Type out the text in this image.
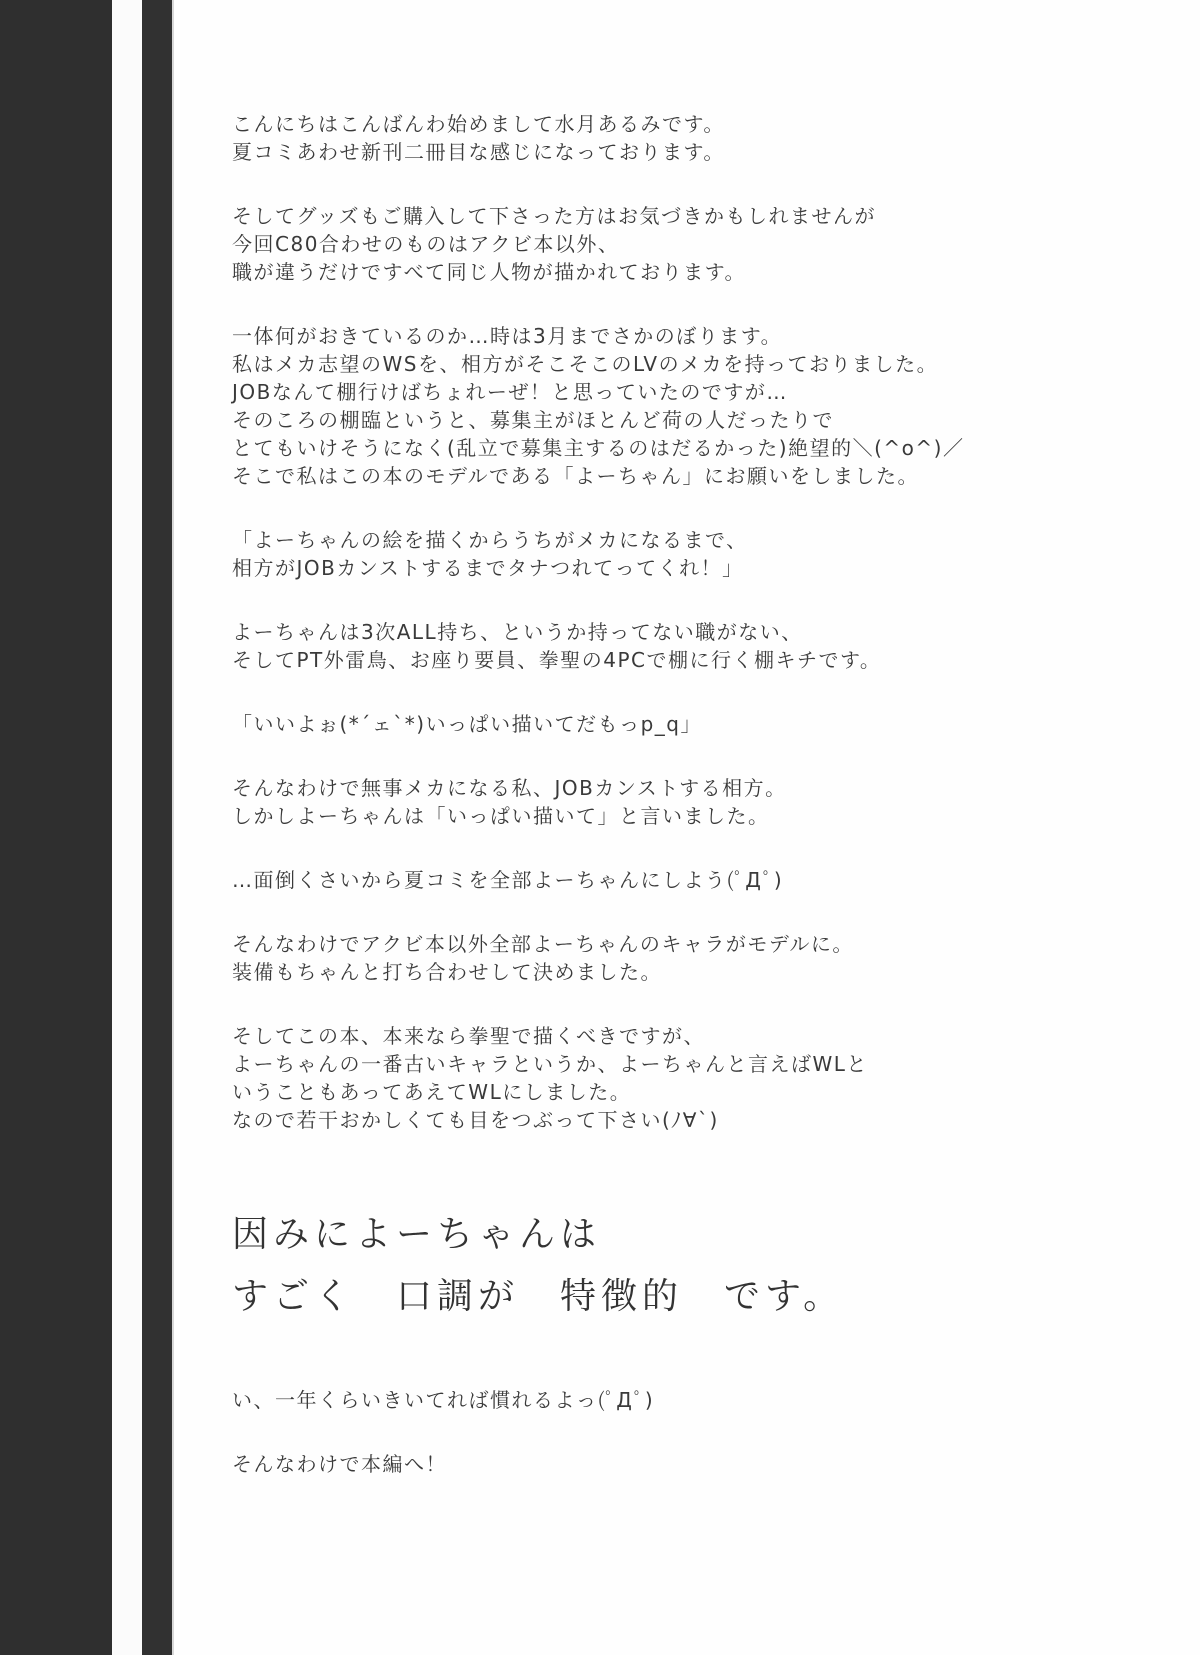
こんにちはこんばんわ始めまして水月あるみです。
夏コミあわせ新刊二冊目な感じになっております。
そしてグッズもご購入して下さった方はお気づきかもしれませんが
今回C80合わせのものはアクビ本以外、
職が違うだけですべて同じ人物が描かれております。
一体何がおきているのか…時は3月までさかのぼります。
私はメカ志望のWSを、相方がそこそこのLVのメカを持っておりました。
JOBなんて棚行けばちょれーぜ！と思っていたのですが…
そのころの棚臨というと、募集主がほとんど荷の人だったりで
とてもいけそうになく(乱立で募集主するのはだるかった)絶望的＼(^o^)／
そこで私はこの本のモデルである「よーちゃん」にお願いをしました。
「よーちゃんの絵を描くからうちがメカになるまで、
相方がJOBカンストするまでタナつれてってくれ！」
よーちゃんは3次ALL持ち、というか持ってない職がない、
そしてPT外雷鳥、お座り要員、拳聖の4PCで棚に行く棚キチです。
「いいよぉ(*´ェ`*)いっぱい描いてだもっp_q」
そんなわけで無事メカになる私、JOBカンストする相方。
しかしよーちゃんは「いっぱい描いて」と言いました。
…面倒くさいから夏コミを全部よーちゃんにしよう(ﾟДﾟ)
そんなわけでアクビ本以外全部よーちゃんのキャラがモデルに。
装備もちゃんと打ち合わせして決めました。
そしてこの本、本来なら拳聖で描くべきですが、
よーちゃんの一番古いキャラというか、よーちゃんと言えばWLと
いうこともあってあえてWLにしました。
なので若干おかしくても目をつぶって下さい(ﾉ∀`)
因みによーちゃんは
すごく　口調が　特徴的　です。
い、一年くらいきいてれば慣れるよっ(ﾟДﾟ)
そんなわけで本編へ！
